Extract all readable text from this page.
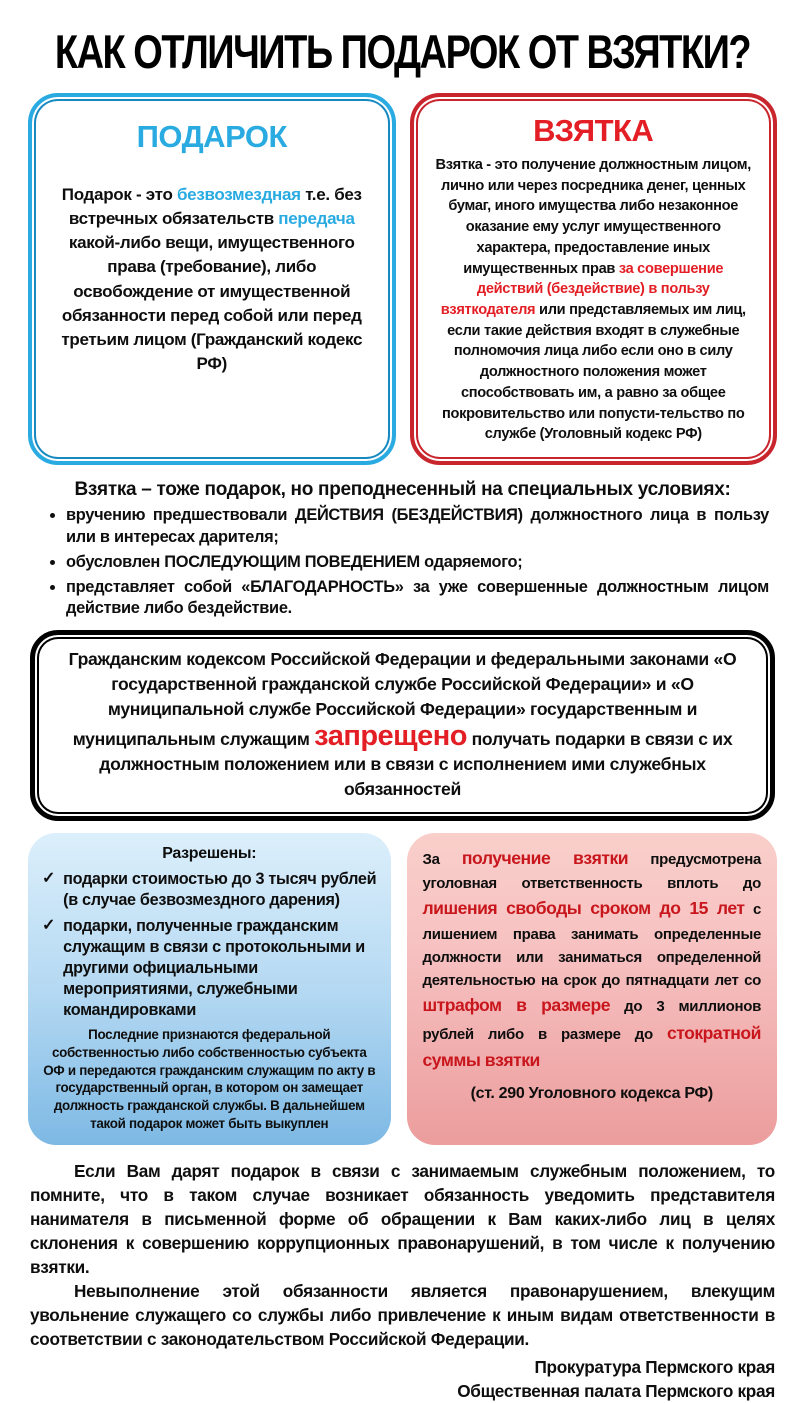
КАК ОТЛИЧИТЬ ПОДАРОК ОТ ВЗЯТКИ?
ПОДАРОК
Подарок - это безвозмездная т.е. без встречных обязательств передача какой-либо вещи, имущественного права (требование), либо освобождение от имущественной обязанности перед собой или перед третьим лицом (Гражданский кодекс РФ)
ВЗЯТКА
Взятка - это получение должностным лицом, лично или через посредника денег, ценных бумаг, иного имущества либо незаконное оказание ему услуг имущественного характера, предоставление иных имущественных прав за совершение действий (бездействие) в пользу взяткодателя или представляемых им лиц, если такие действия входят в служебные полномочия лица либо если оно в силу должностного положения может способствовать им, а равно за общее покровительство или попусти-тельство по службе (Уголовный кодекс РФ)

Взятка – тоже подарок, но преподнесенный на специальных условиях:

• вручению предшествовали ДЕЙСТВИЯ (БЕЗДЕЙСТВИЯ) должностного лица в пользу или в интересах дарителя;
• обусловлен ПОСЛЕДУЮЩИМ ПОВЕДЕНИЕМ одаряемого;
• представляет собой «БЛАГОДАРНОСТЬ» за уже совершенные должностным лицом действие либо бездействие.
Гражданским кодексом Российской Федерации и федеральными законами «О государственной гражданской службе Российской Федерации» и «О муниципальной службе Российской Федерации» государственным и муниципальным служащим запрещено получать подарки в связи с их должностным положением или в связи с исполнением ими служебных обязанностей
Разрешены:
✓ подарки стоимостью до 3 тысяч рублей (в случае безвозмездного дарения)
✓ подарки, полученные гражданским служащим в связи с протокольными и другими официальными мероприятиями, служебными командировками
Последние признаются федеральной собственностью либо собственностью субъекта ОФ и передаются гражданским служащим по акту в государственный орган, в котором он замещает должность гражданской службы. В дальнейшем такой подарок может быть выкуплен
За получение взятки предусмотрена уголовная ответственность вплоть до лишения свободы сроком до 15 лет с лишением права занимать определенные должности или заниматься определенной деятельностью на срок до пятнадцати лет со штрафом в размере до 3 миллионов рублей либо в размере до стократной суммы взятки
(ст. 290 Уголовного кодекса РФ)

Если Вам дарят подарок в связи с занимаемым служебным положением, то помните, что в таком случае возникает обязанность уведомить представителя нанимателя в письменной форме об обращении к Вам каких-либо лиц в целях склонения к совершению коррупционных правонарушений, в том числе к получению взятки.

Невыполнение этой обязанности является правонарушением, влекущим увольнение служащего со службы либо привлечение к иным видам ответственности в соответствии с законодательством Российской Федерации.

Прокуратура Пермского края
Общественная палата Пермского края
